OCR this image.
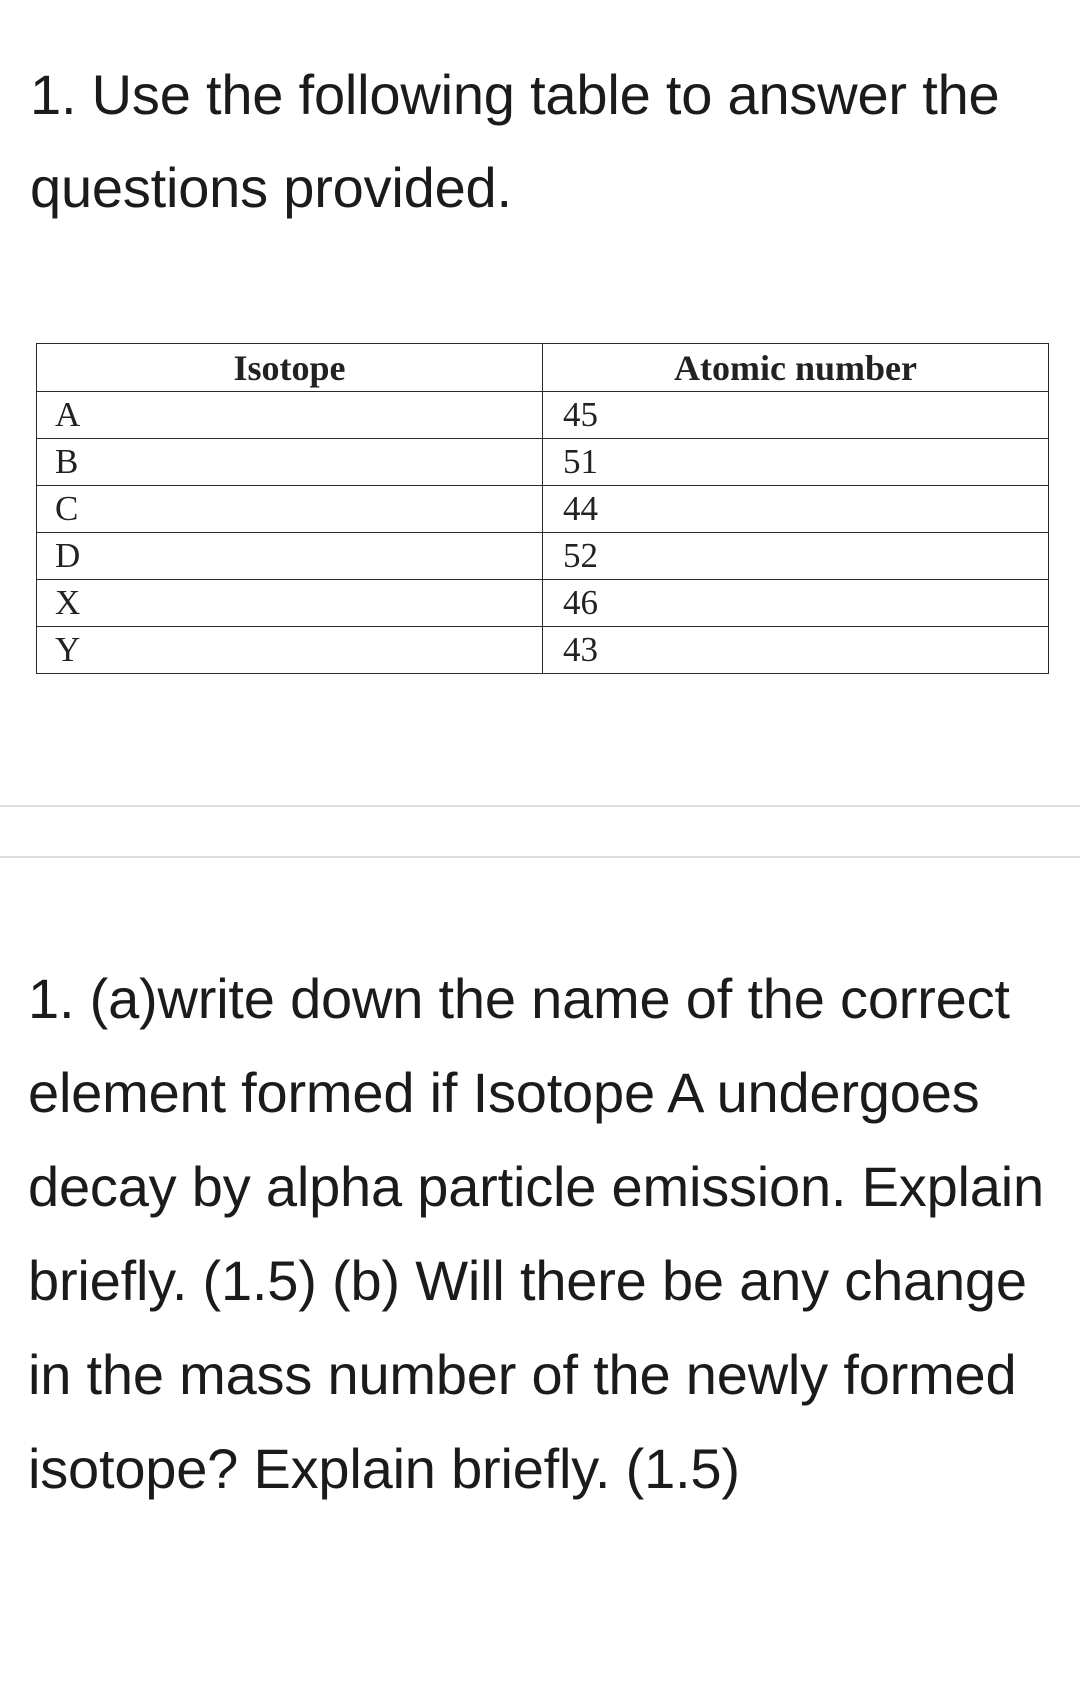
1. Use the following table to answer the questions provided.

Isotope	Atomic number
A	45
B	51
C	44
D	52
X	46
Y	43

1. (a)write down the name of the correct element formed if Isotope A undergoes decay by alpha particle emission. Explain briefly. (1.5) (b) Will there be any change in the mass number of the newly formed isotope? Explain briefly. (1.5)
